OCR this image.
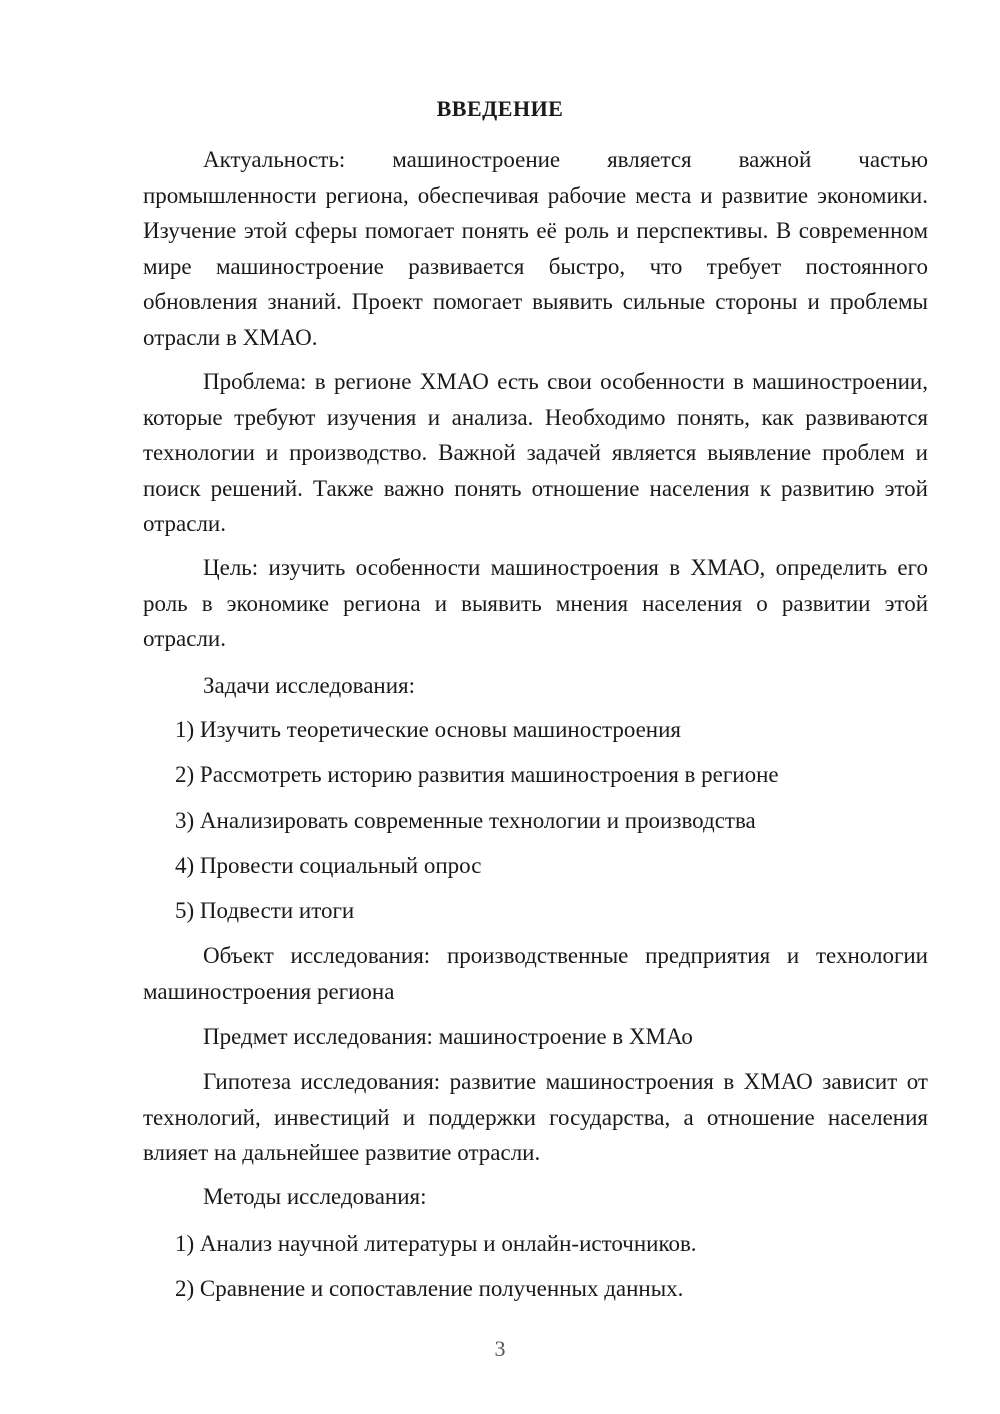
ВВЕДЕНИЕ

Актуальность: машиностроение является важной частью промышленности региона, обеспечивая рабочие места и развитие экономики. Изучение этой сферы помогает понять её роль и перспективы. В современном мире машиностроение развивается быстро, что требует постоянного обновления знаний. Проект помогает выявить сильные стороны и проблемы отрасли в ХМАО.

Проблема: в регионе ХМАО есть свои особенности в машиностроении, которые требуют изучения и анализа. Необходимо понять, как развиваются технологии и производство. Важной задачей является выявление проблем и поиск решений. Также важно понять отношение населения к развитию этой отрасли.

Цель: изучить особенности машиностроения в ХМАО, определить его роль в экономике региона и выявить мнения населения о развитии этой отрасли.

Задачи исследования:

1) Изучить теоретические основы машиностроения

2) Рассмотреть историю развития машиностроения в регионе

3) Анализировать современные технологии и производства

4) Провести социальный опрос

5) Подвести итоги

Объект исследования: производственные предприятия и технологии машиностроения региона

Предмет исследования: машиностроение в ХМАо

Гипотеза исследования: развитие машиностроения в ХМАО зависит от технологий, инвестиций и поддержки государства, а отношение населения влияет на дальнейшее развитие отрасли.

Методы исследования:

1) Анализ научной литературы и онлайн-источников.

2) Сравнение и сопоставление полученных данных.

3
